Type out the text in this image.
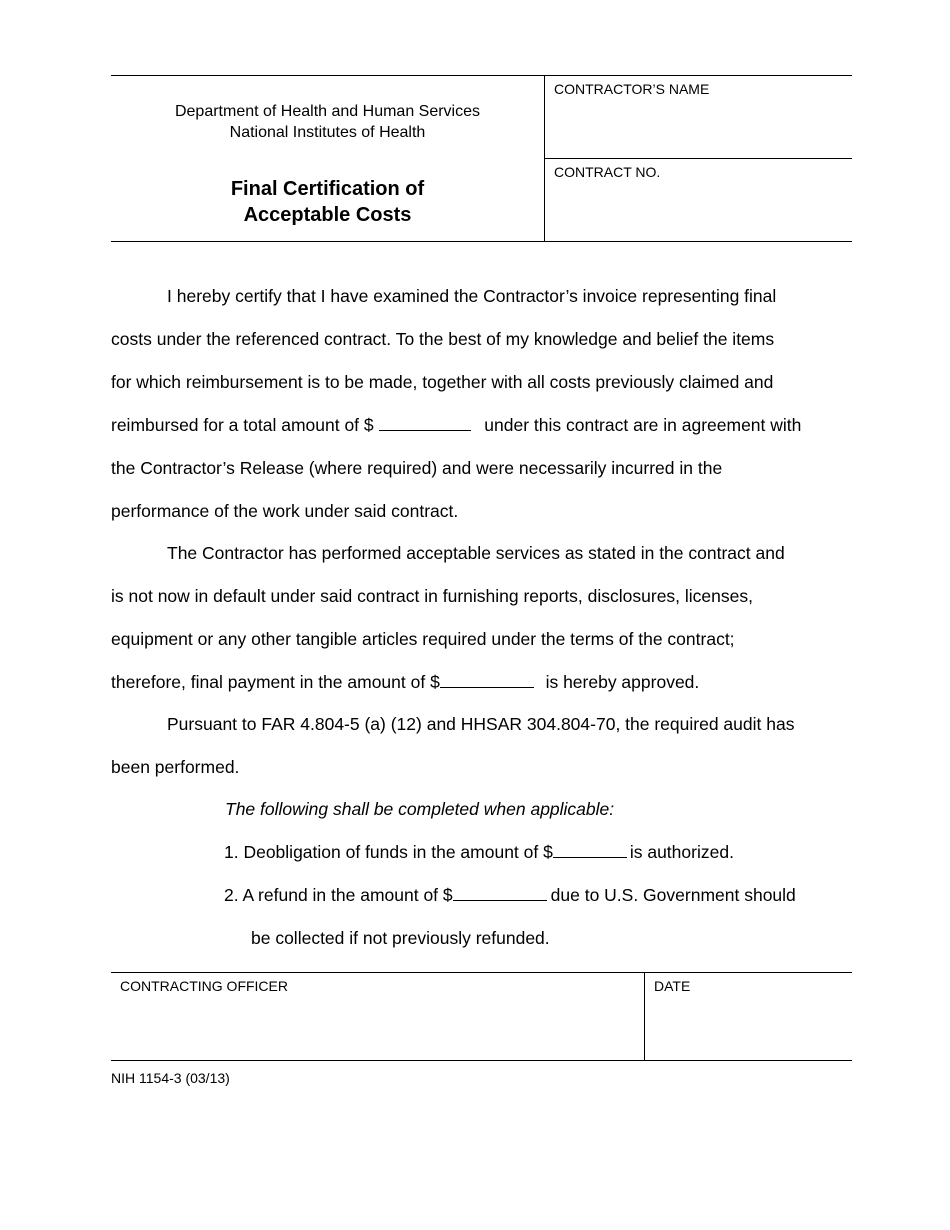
Department of Health and Human Services
National Institutes of Health
Final Certification of
Acceptable Costs
CONTRACTOR’S NAME
CONTRACT NO.
I hereby certify that I have examined the Contractor’s invoice representing final
costs under the referenced contract. To the best of my knowledge and belief the items
for which reimbursement is to be made, together with all costs previously claimed and
reimbursed for a total amount of $	under this contract are in agreement with
the Contractor’s Release (where required) and were necessarily incurred in the
performance of the work under said contract.
The Contractor has performed acceptable services as stated in the contract and
is not now in default under said contract in furnishing reports, disclosures, licenses,
equipment or any other tangible articles required under the terms of the contract;
therefore, final payment in the amount of $	is hereby approved.
Pursuant to FAR 4.804-5 (a) (12) and HHSAR 304.804-70, the required audit has
been performed.
The following shall be completed when applicable:
1. Deobligation of funds in the amount of $	is authorized.
2. A refund in the amount of $	due to U.S. Government should
be collected if not previously refunded.
CONTRACTING OFFICER	DATE
NIH 1154-3 (03/13)
